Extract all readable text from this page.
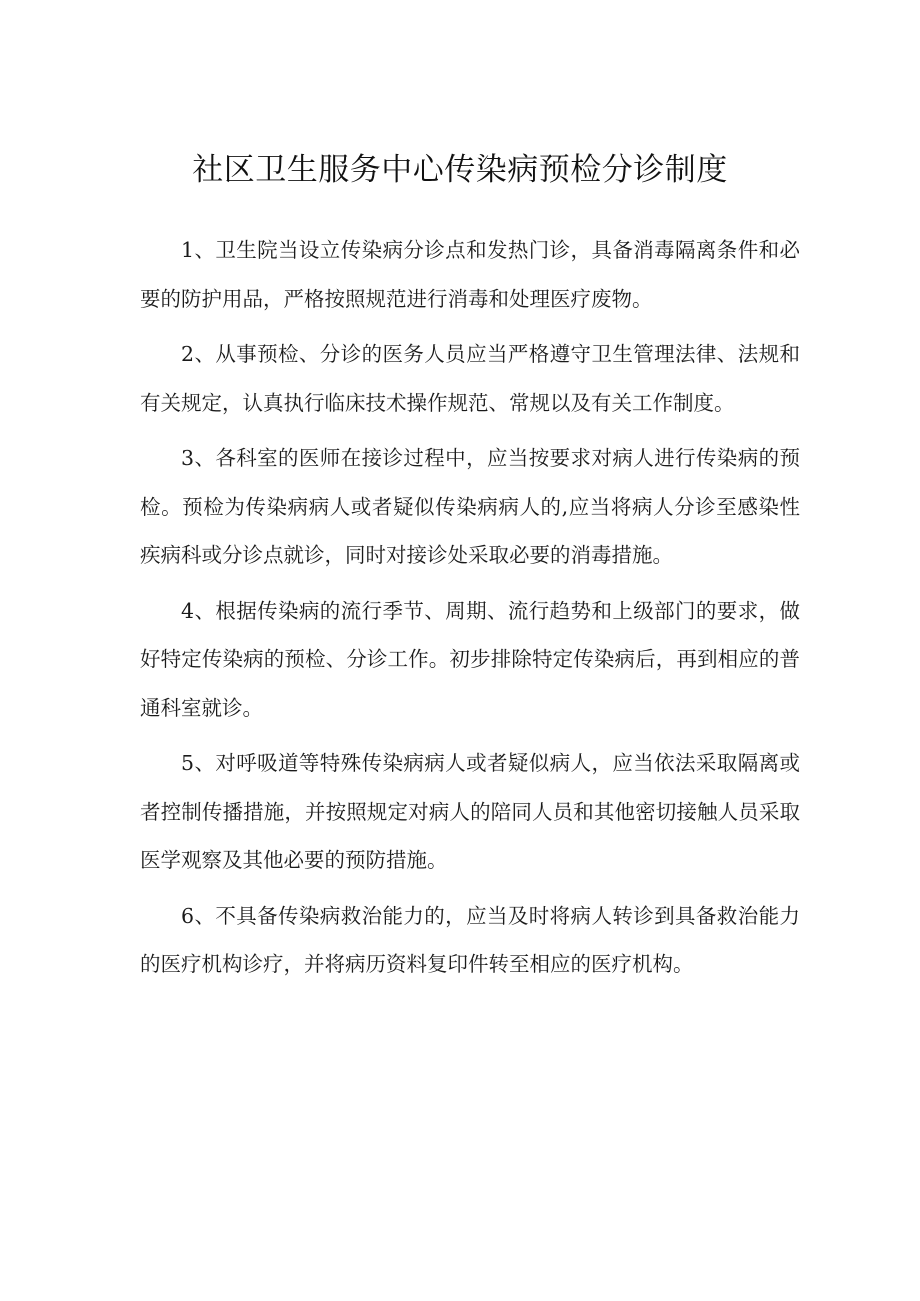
社区卫生服务中心传染病预检分诊制度

1、卫生院当设立传染病分诊点和发热门诊，具备消毒隔离条件和必要的防护用品，严格按照规范进行消毒和处理医疗废物。

2、从事预检、分诊的医务人员应当严格遵守卫生管理法律、法规和有关规定，认真执行临床技术操作规范、常规以及有关工作制度。

3、各科室的医师在接诊过程中，应当按要求对病人进行传染病的预检。预检为传染病病人或者疑似传染病病人的,应当将病人分诊至感染性疾病科或分诊点就诊，同时对接诊处采取必要的消毒措施。

4、根据传染病的流行季节、周期、流行趋势和上级部门的要求，做好特定传染病的预检、分诊工作。初步排除特定传染病后，再到相应的普通科室就诊。

5、对呼吸道等特殊传染病病人或者疑似病人，应当依法采取隔离或者控制传播措施，并按照规定对病人的陪同人员和其他密切接触人员采取医学观察及其他必要的预防措施。

6、不具备传染病救治能力的，应当及时将病人转诊到具备救治能力的医疗机构诊疗，并将病历资料复印件转至相应的医疗机构。
